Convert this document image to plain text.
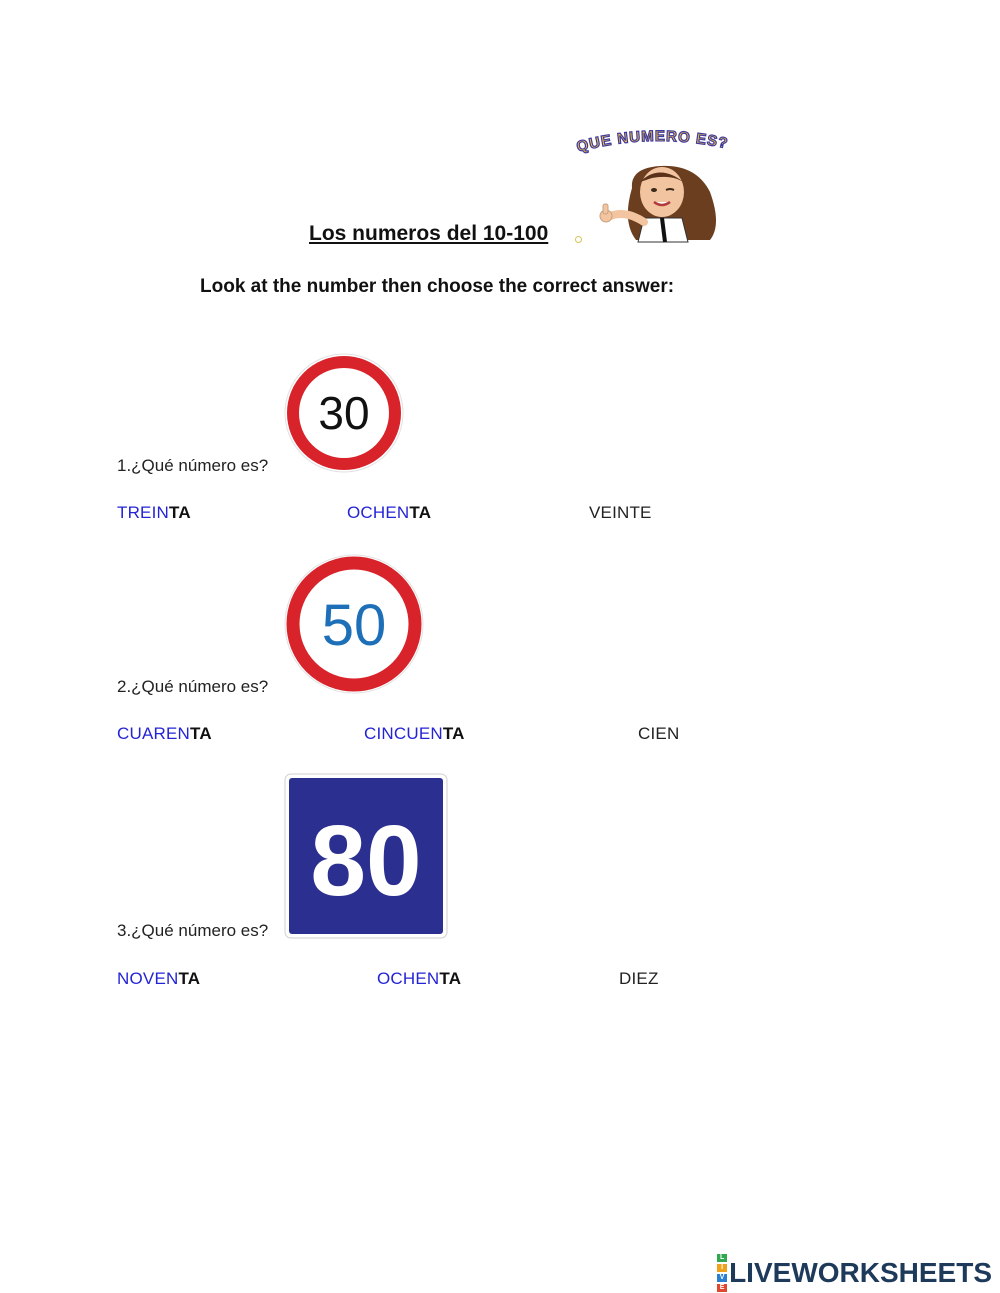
QUE NUMERO ES?
Los numeros del 10-100
Look at the number then choose the correct answer:
30
1.¿Qué número es?
TREINTA	OCHENTA	VEINTE
50
2.¿Qué número es?
CUARENTA	CINCUENTA	CIEN
80
3.¿Qué número es?
NOVENTA	OCHENTA	DIEZ
L
I
V
E LIVEWORKSHEETS
